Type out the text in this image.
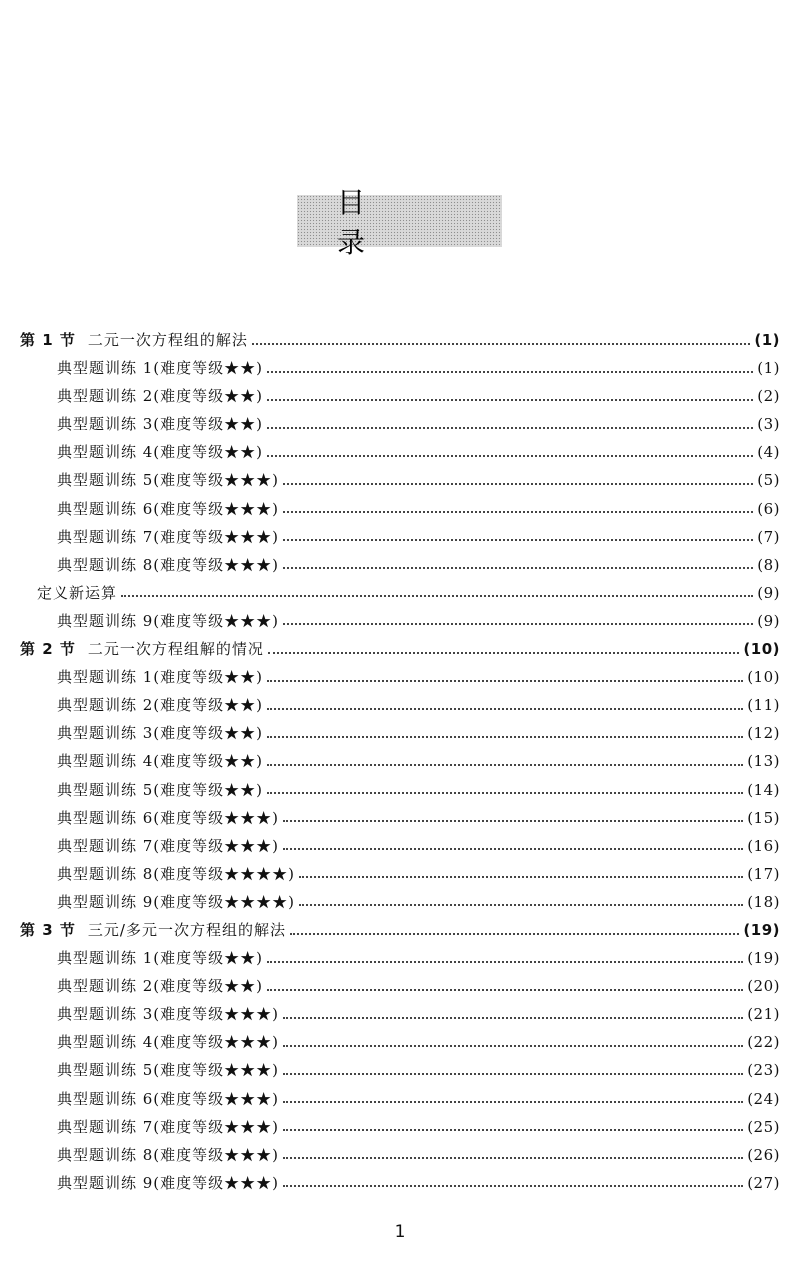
目 录
第 1 节 二元一次方程组的解法	(1)
典型题训练 1(难度等级★★)	(1)
典型题训练 2(难度等级★★)	(2)
典型题训练 3(难度等级★★)	(3)
典型题训练 4(难度等级★★)	(4)
典型题训练 5(难度等级★★★)	(5)
典型题训练 6(难度等级★★★)	(6)
典型题训练 7(难度等级★★★)	(7)
典型题训练 8(难度等级★★★)	(8)
定义新运算	(9)
典型题训练 9(难度等级★★★)	(9)
第 2 节 二元一次方程组解的情况	(10)
典型题训练 1(难度等级★★)	(10)
典型题训练 2(难度等级★★)	(11)
典型题训练 3(难度等级★★)	(12)
典型题训练 4(难度等级★★)	(13)
典型题训练 5(难度等级★★)	(14)
典型题训练 6(难度等级★★★)	(15)
典型题训练 7(难度等级★★★)	(16)
典型题训练 8(难度等级★★★★)	(17)
典型题训练 9(难度等级★★★★)	(18)
第 3 节 三元/多元一次方程组的解法	(19)
典型题训练 1(难度等级★★)	(19)
典型题训练 2(难度等级★★)	(20)
典型题训练 3(难度等级★★★)	(21)
典型题训练 4(难度等级★★★)	(22)
典型题训练 5(难度等级★★★)	(23)
典型题训练 6(难度等级★★★)	(24)
典型题训练 7(难度等级★★★)	(25)
典型题训练 8(难度等级★★★)	(26)
典型题训练 9(难度等级★★★)	(27)
1
